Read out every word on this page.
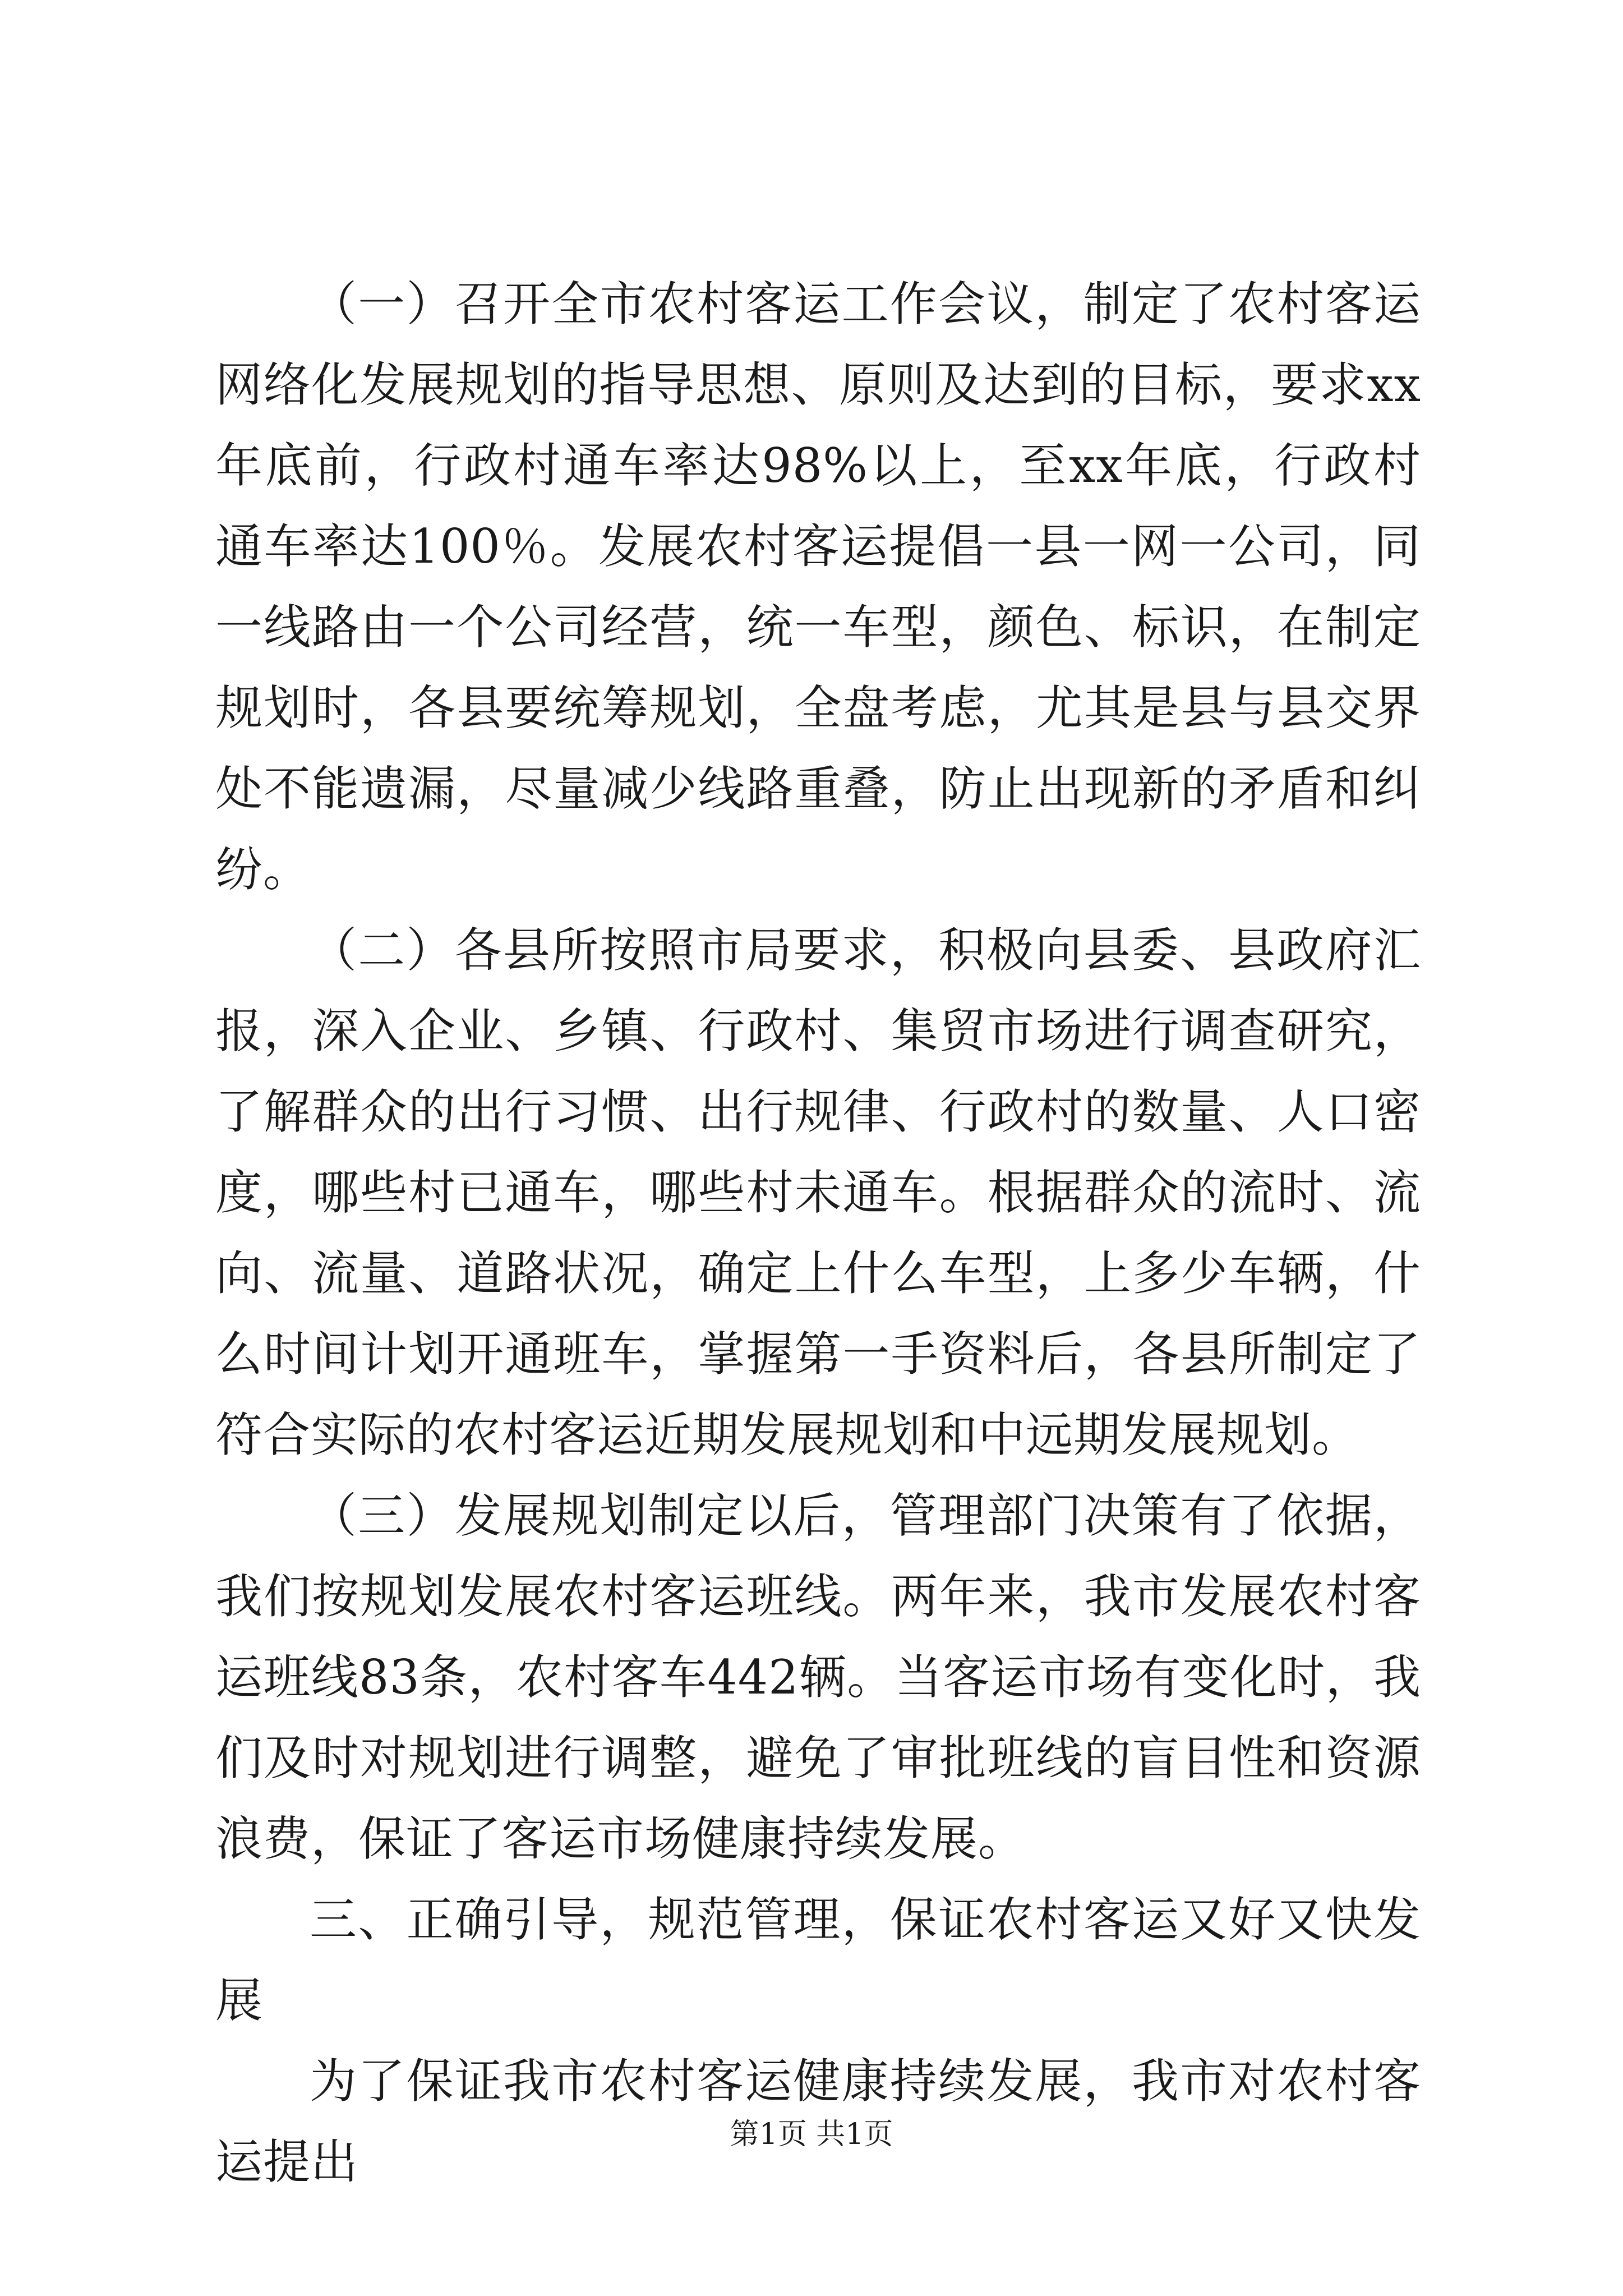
（一）召开全市农村客运工作会议，制定了农村客运网络化发展规划的指导思想、原则及达到的目标，要求xx年底前，行政村通车率达98%以上，至xx年底，行政村通车率达100％。发展农村客运提倡一县一网一公司，同一线路由一个公司经营，统一车型，颜色、标识，在制定规划时，各县要统筹规划，全盘考虑，尤其是县与县交界处不能遗漏，尽量减少线路重叠，防止出现新的矛盾和纠纷。

（二）各县所按照市局要求，积极向县委、县政府汇报，深入企业、乡镇、行政村、集贸市场进行调查研究，了解群众的出行习惯、出行规律、行政村的数量、人口密度，哪些村已通车，哪些村未通车。根据群众的流时、流向、流量、道路状况，确定上什么车型，上多少车辆，什么时间计划开通班车，掌握第一手资料后，各县所制定了符合实际的农村客运近期发展规划和中远期发展规划。

（三）发展规划制定以后，管理部门决策有了依据，我们按规划发展农村客运班线。两年来，我市发展农村客运班线83条，农村客车442辆。当客运市场有变化时，我们及时对规划进行调整，避免了审批班线的盲目性和资源浪费，保证了客运市场健康持续发展。

三、正确引导，规范管理，保证农村客运又好又快发展

为了保证我市农村客运健康持续发展，我市对农村客运提出	第1页 共1页
